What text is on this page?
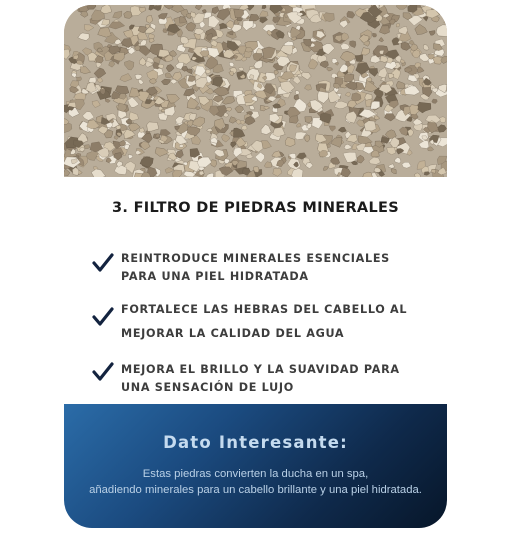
3. FILTRO DE PIEDRAS MINERALES
REINTRODUCE MINERALES ESENCIALES
PARA UNA PIEL HIDRATADA
FORTALECE LAS HEBRAS DEL CABELLO AL
MEJORAR LA CALIDAD DEL AGUA
MEJORA EL BRILLO Y LA SUAVIDAD PARA
UNA SENSACIÓN DE LUJO
Dato Interesante:
Estas piedras convierten la ducha en un spa,
añadiendo minerales para un cabello brillante y una piel hidratada.
